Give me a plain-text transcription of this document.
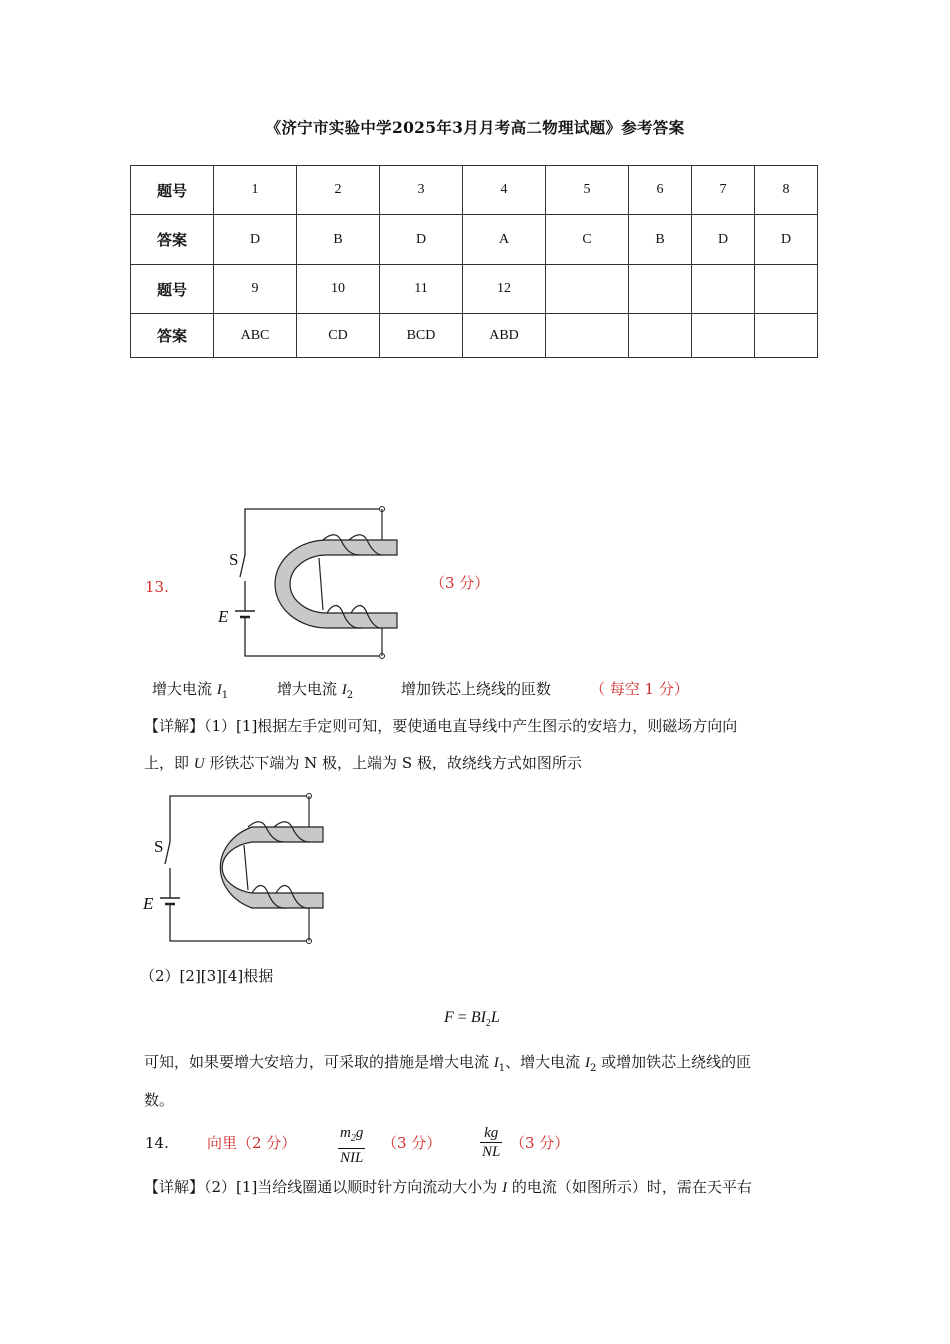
《济宁市实验中学2025年3月月考高二物理试题》参考答案
题号	1	2	3	4	5	6	7	8
答案	D	B	D	A	C	B	D	D
题号	9	10	11	12				
答案	ABC	CD	BCD	ABD				
13.
S
E
（3 分）
增大电流 $I_1$	增大电流 $I_2$	增加铁芯上绕线的匝数	（ 每空 1 分）
【详解】（1）[1]根据左手定则可知，要使通电直导线中产生图示的安培力，则磁场方向向
上，即 U 形铁芯下端为 N 极，上端为 S 极，故绕线方式如图所示
S
E
（2）[2][3][4]根据
$F = BI_2L$
可知，如果要增大安培力，可采取的措施是增大电流 $I_1$、增大电流 $I_2$ 或增加铁芯上绕线的匝
数。
14.	向里（2 分）	$\frac{m_2g}{\text{NIL}} (3$ 分）	$\frac{kg}{NL} (3$ 分）
【详解】（2）[1]当给线圈通以顺时针方向流动大小为 I 的电流（如图所示）时，需在天平右
